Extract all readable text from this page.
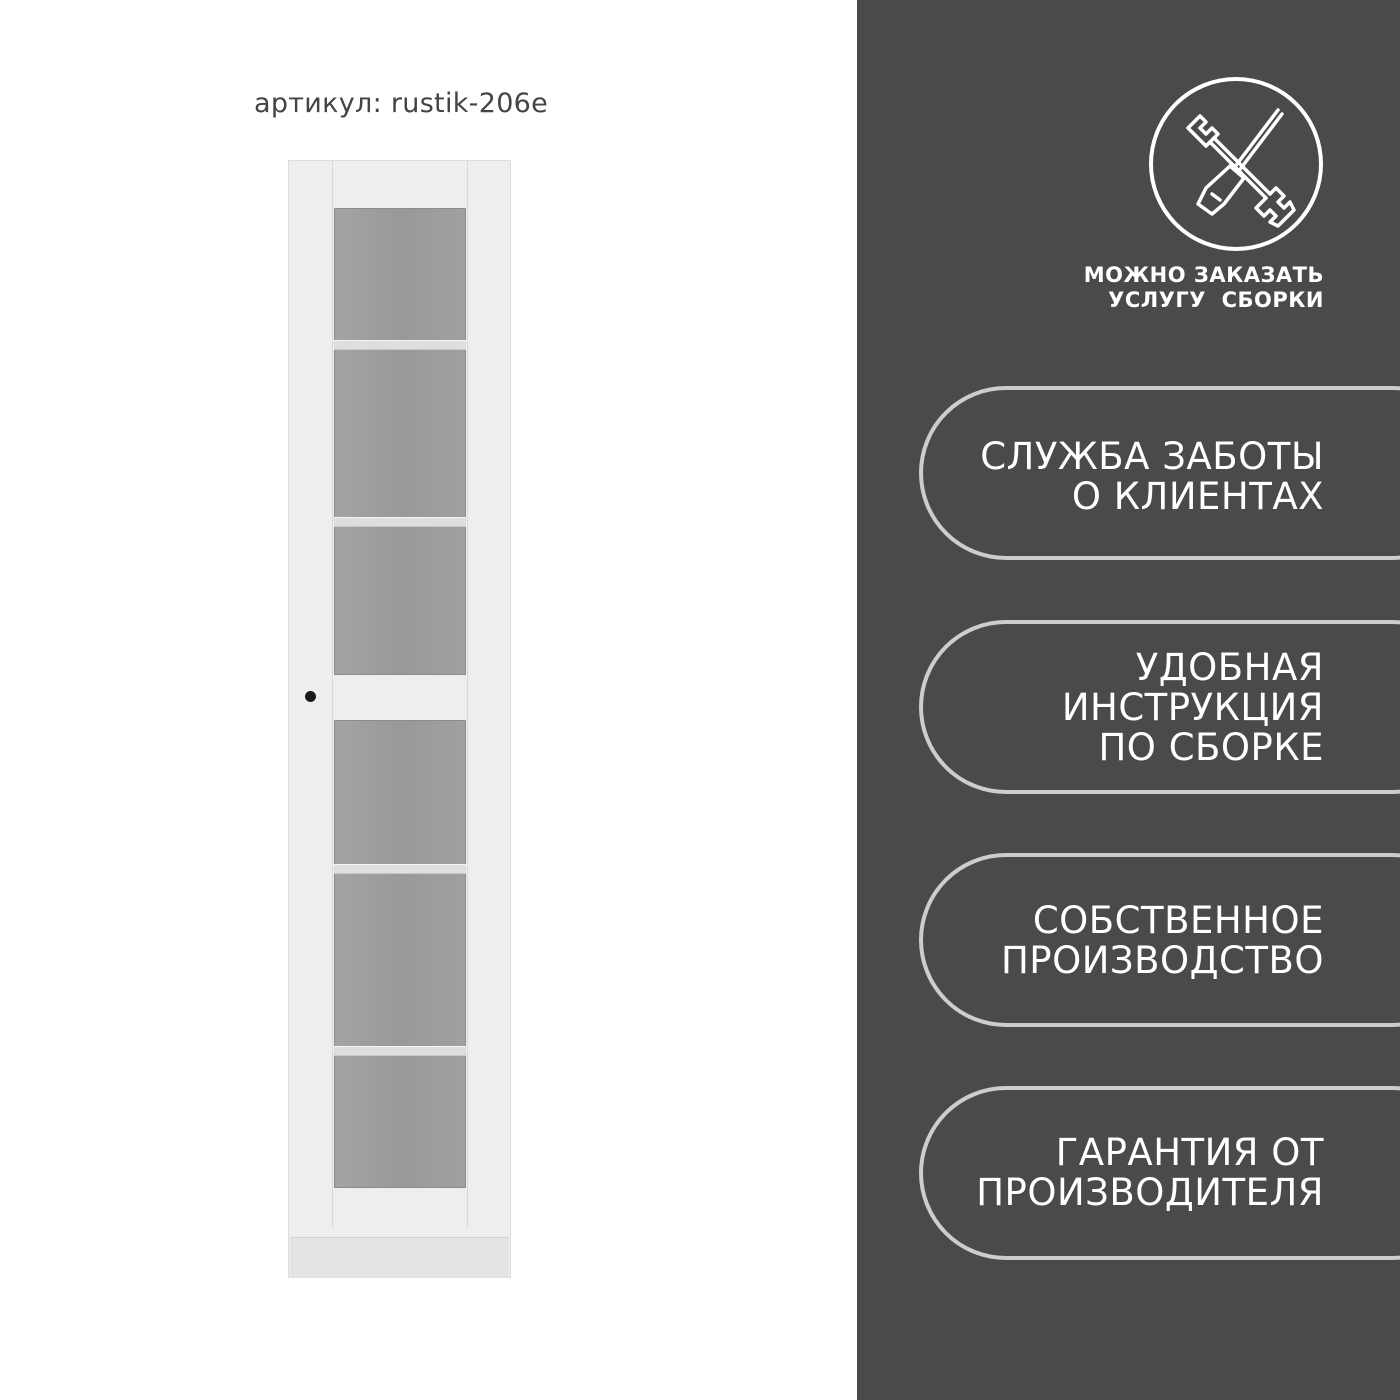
артикул: rustik-206e
МОЖНО ЗАКАЗАТЬ
УСЛУГУ  СБОРКИ
СЛУЖБА ЗАБОТЫ
О КЛИЕНТАХ
УДОБНАЯ
ИНСТРУКЦИЯ
ПО СБОРКЕ
СОБСТВЕННОЕ
ПРОИЗВОДСТВО
ГАРАНТИЯ ОТ
ПРОИЗВОДИТЕЛЯ
